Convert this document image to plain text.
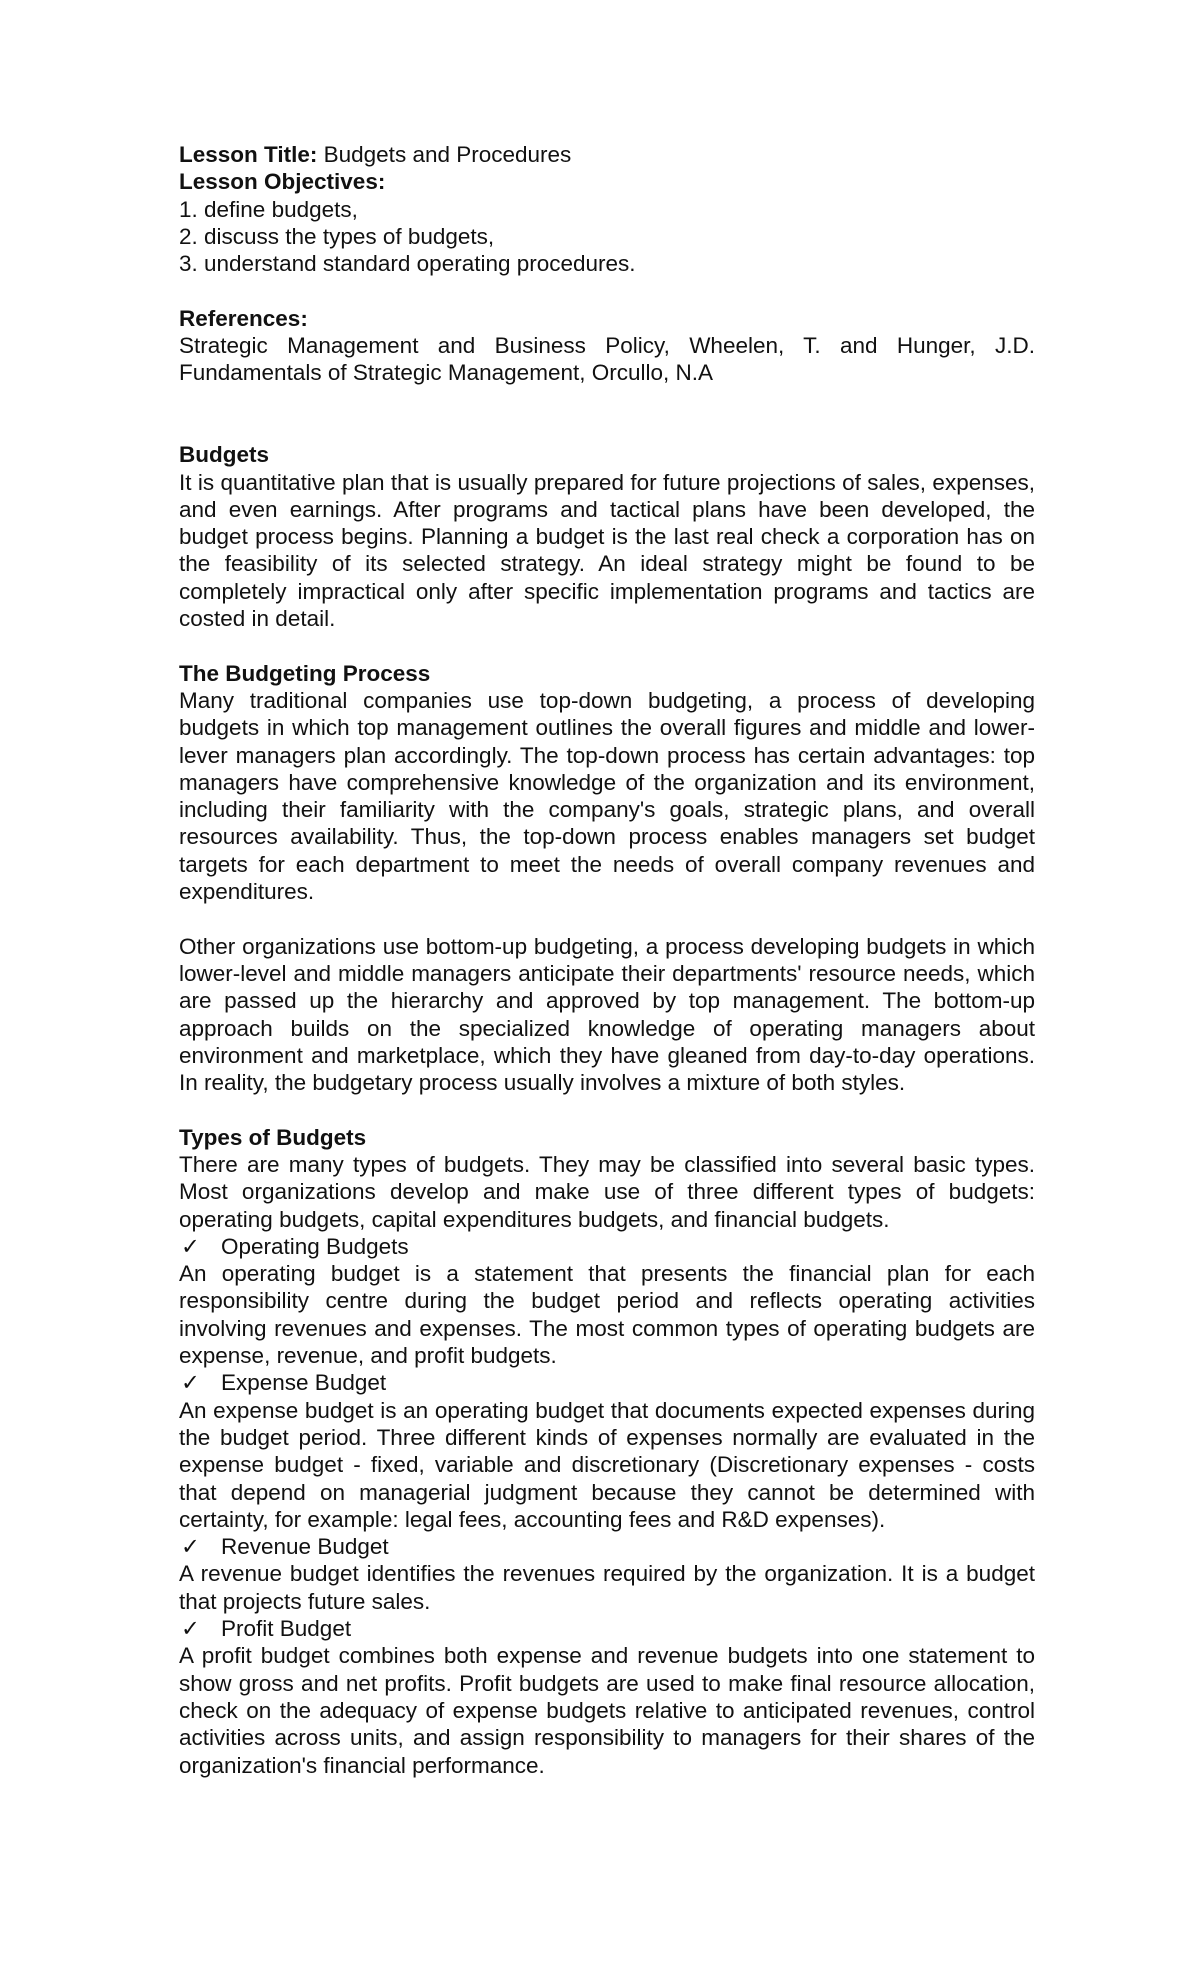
Lesson Title: Budgets and Procedures
Lesson Objectives:
1. define budgets,
2. discuss the types of budgets,
3. understand standard operating procedures.
References:
Strategic Management and Business Policy, Wheelen, T. and Hunger, J.D.
Fundamentals of Strategic Management, Orcullo, N.A
Budgets
It is quantitative plan that is usually prepared for future projections of sales, expenses, and even earnings. After programs and tactical plans have been developed, the budget process begins. Planning a budget is the last real check a corporation has on the feasibility of its selected strategy. An ideal strategy might be found to be completely impractical only after specific implementation programs and tactics are costed in detail.
The Budgeting Process
Many traditional companies use top-down budgeting, a process of developing budgets in which top management outlines the overall figures and middle and lower-lever managers plan accordingly. The top-down process has certain advantages: top managers have comprehensive knowledge of the organization and its environment, including their familiarity with the company's goals, strategic plans, and overall resources availability. Thus, the top-down process enables managers set budget targets for each department to meet the needs of overall company revenues and expenditures.
Other organizations use bottom-up budgeting, a process developing budgets in which lower-level and middle managers anticipate their departments' resource needs, which are passed up the hierarchy and approved by top management. The bottom-up approach builds on the specialized knowledge of operating managers about environment and marketplace, which they have gleaned from day-to-day operations. In reality, the budgetary process usually involves a mixture of both styles.
Types of Budgets
There are many types of budgets. They may be classified into several basic types. Most organizations develop and make use of three different types of budgets: operating budgets, capital expenditures budgets, and financial budgets.
✓ Operating Budgets
An operating budget is a statement that presents the financial plan for each responsibility centre during the budget period and reflects operating activities involving revenues and expenses. The most common types of operating budgets are expense, revenue, and profit budgets.
✓ Expense Budget
An expense budget is an operating budget that documents expected expenses during the budget period. Three different kinds of expenses normally are evaluated in the expense budget - fixed, variable and discretionary (Discretionary expenses - costs that depend on managerial judgment because they cannot be determined with certainty, for example: legal fees, accounting fees and R&D expenses).
✓ Revenue Budget
A revenue budget identifies the revenues required by the organization. It is a budget that projects future sales.
✓ Profit Budget
A profit budget combines both expense and revenue budgets into one statement to show gross and net profits. Profit budgets are used to make final resource allocation, check on the adequacy of expense budgets relative to anticipated revenues, control activities across units, and assign responsibility to managers for their shares of the organization's financial performance.
